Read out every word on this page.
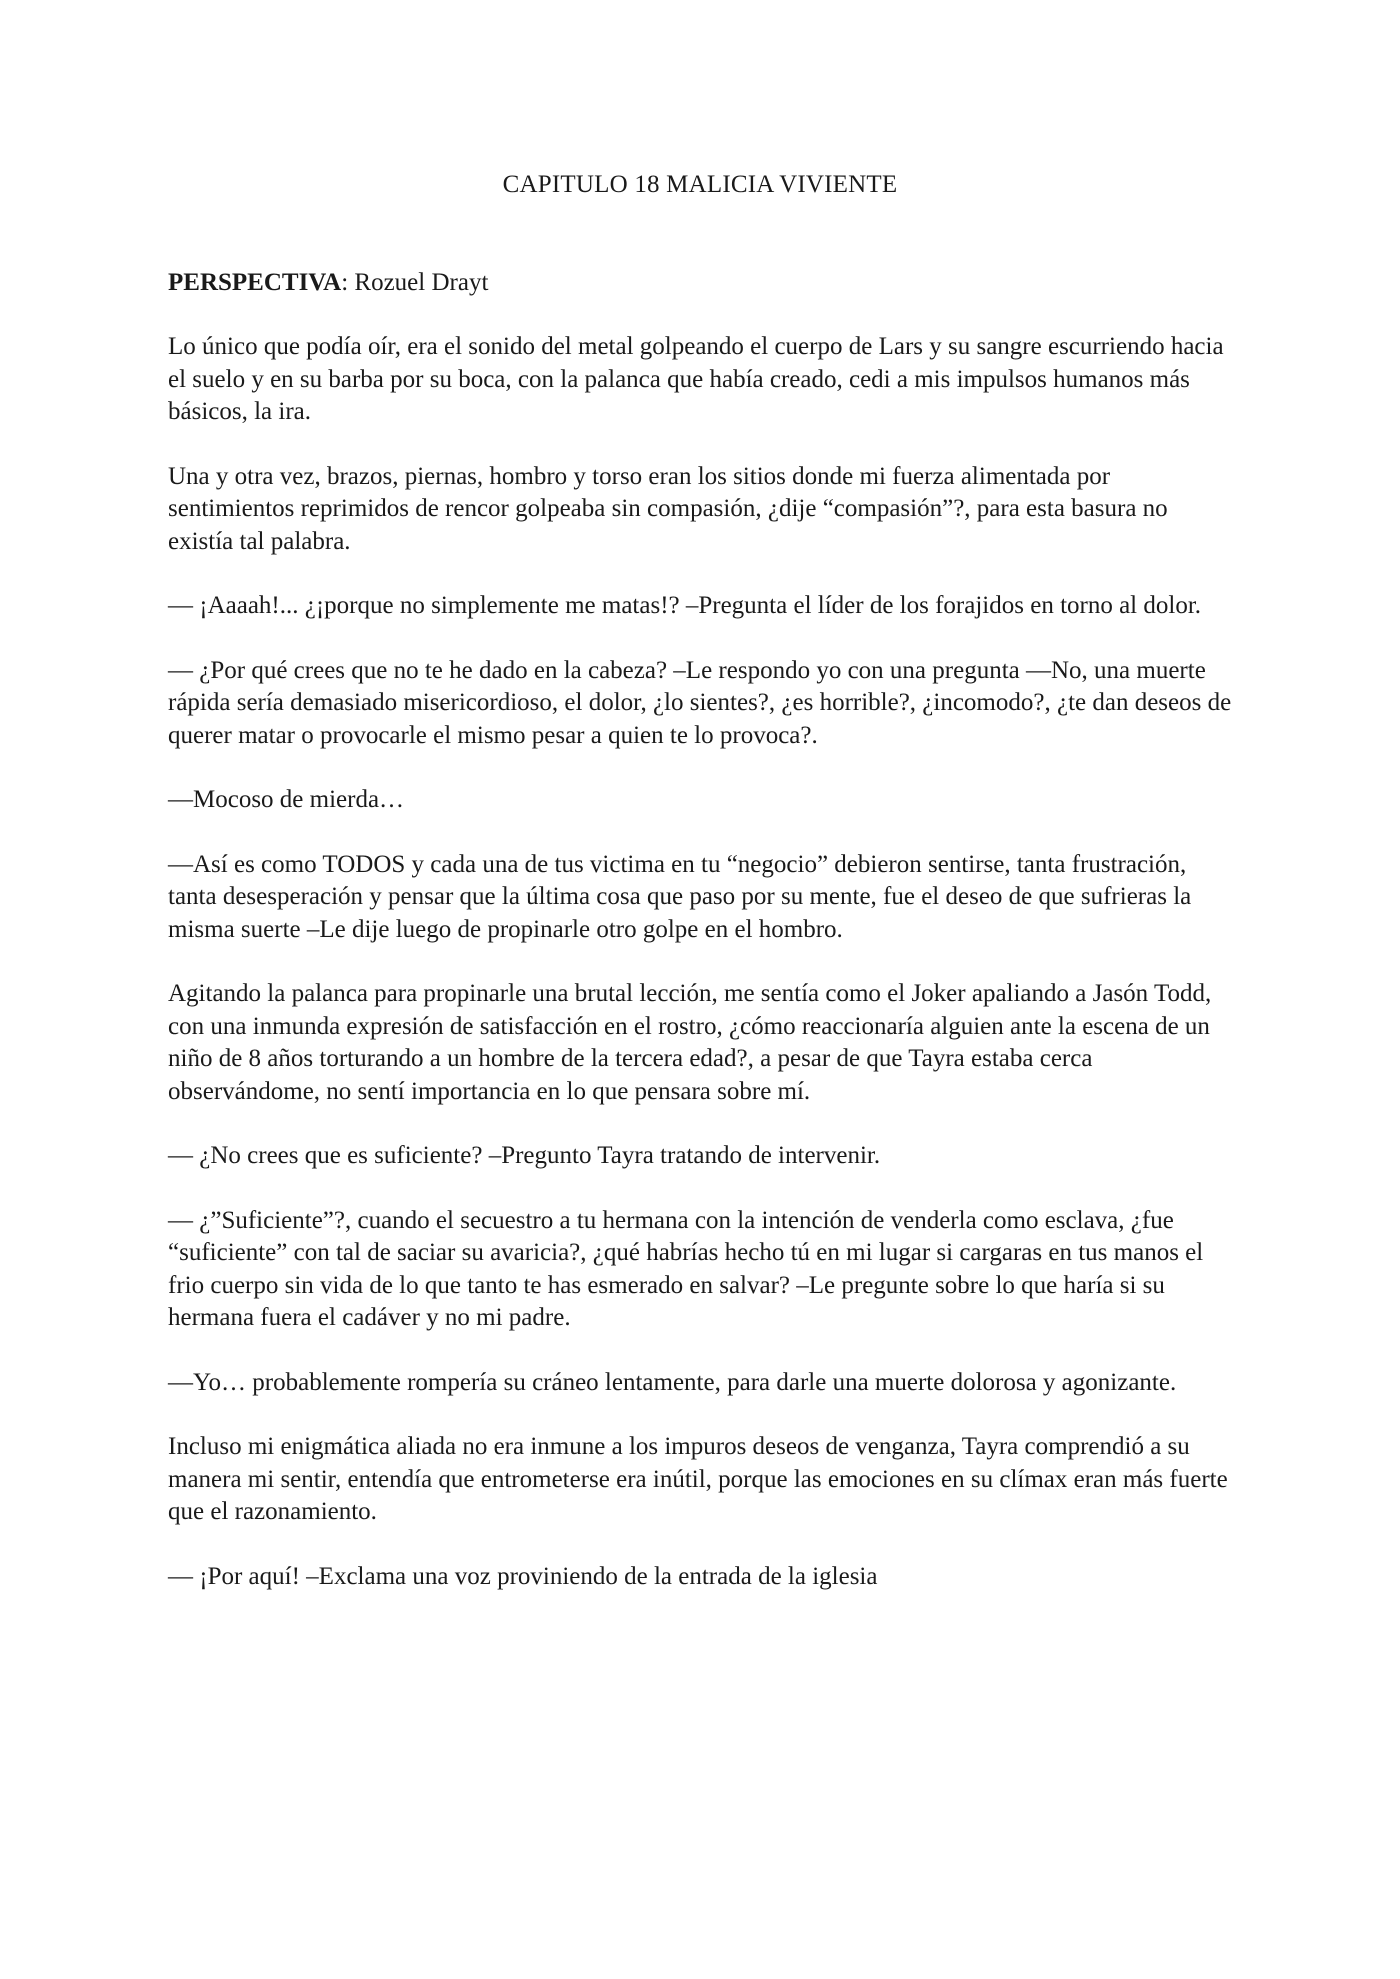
CAPITULO 18 MALICIA VIVIENTE

PERSPECTIVA: Rozuel Drayt

Lo único que podía oír, era el sonido del metal golpeando el cuerpo de Lars y su sangre escurriendo hacia el suelo y en su barba por su boca, con la palanca que había creado, cedi a mis impulsos humanos más básicos, la ira.

Una y otra vez, brazos, piernas, hombro y torso eran los sitios donde mi fuerza alimentada por sentimientos reprimidos de rencor golpeaba sin compasión, ¿dije “compasión”?, para esta basura no existía tal palabra.

— ¡Aaaah!... ¿¡porque no simplemente me matas!? –Pregunta el líder de los forajidos en torno al dolor.

— ¿Por qué crees que no te he dado en la cabeza? –Le respondo yo con una pregunta —No, una muerte rápida sería demasiado misericordioso, el dolor, ¿lo sientes?, ¿es horrible?, ¿incomodo?, ¿te dan deseos de querer matar o provocarle el mismo pesar a quien te lo provoca?.

—Mocoso de mierda…

—Así es como TODOS y cada una de tus victima en tu “negocio” debieron sentirse, tanta frustración, tanta desesperación y pensar que la última cosa que paso por su mente, fue el deseo de que sufrieras la misma suerte –Le dije luego de propinarle otro golpe en el hombro.

Agitando la palanca para propinarle una brutal lección, me sentía como el Joker apaliando a Jasón Todd, con una inmunda expresión de satisfacción en el rostro, ¿cómo reaccionaría alguien ante la escena de un niño de 8 años torturando a un hombre de la tercera edad?, a pesar de que Tayra estaba cerca observándome, no sentí importancia en lo que pensara sobre mí.

— ¿No crees que es suficiente? –Pregunto Tayra tratando de intervenir.

— ¿”Suficiente”?, cuando el secuestro a tu hermana con la intención de venderla como esclava, ¿fue “suficiente” con tal de saciar su avaricia?, ¿qué habrías hecho tú en mi lugar si cargaras en tus manos el frio cuerpo sin vida de lo que tanto te has esmerado en salvar? –Le pregunte sobre lo que haría si su hermana fuera el cadáver y no mi padre.

—Yo… probablemente rompería su cráneo lentamente, para darle una muerte dolorosa y agonizante.

Incluso mi enigmática aliada no era inmune a los impuros deseos de venganza, Tayra comprendió a su manera mi sentir, entendía que entrometerse era inútil, porque las emociones en su clímax eran más fuerte que el razonamiento.

— ¡Por aquí! –Exclama una voz proviniendo de la entrada de la iglesia
